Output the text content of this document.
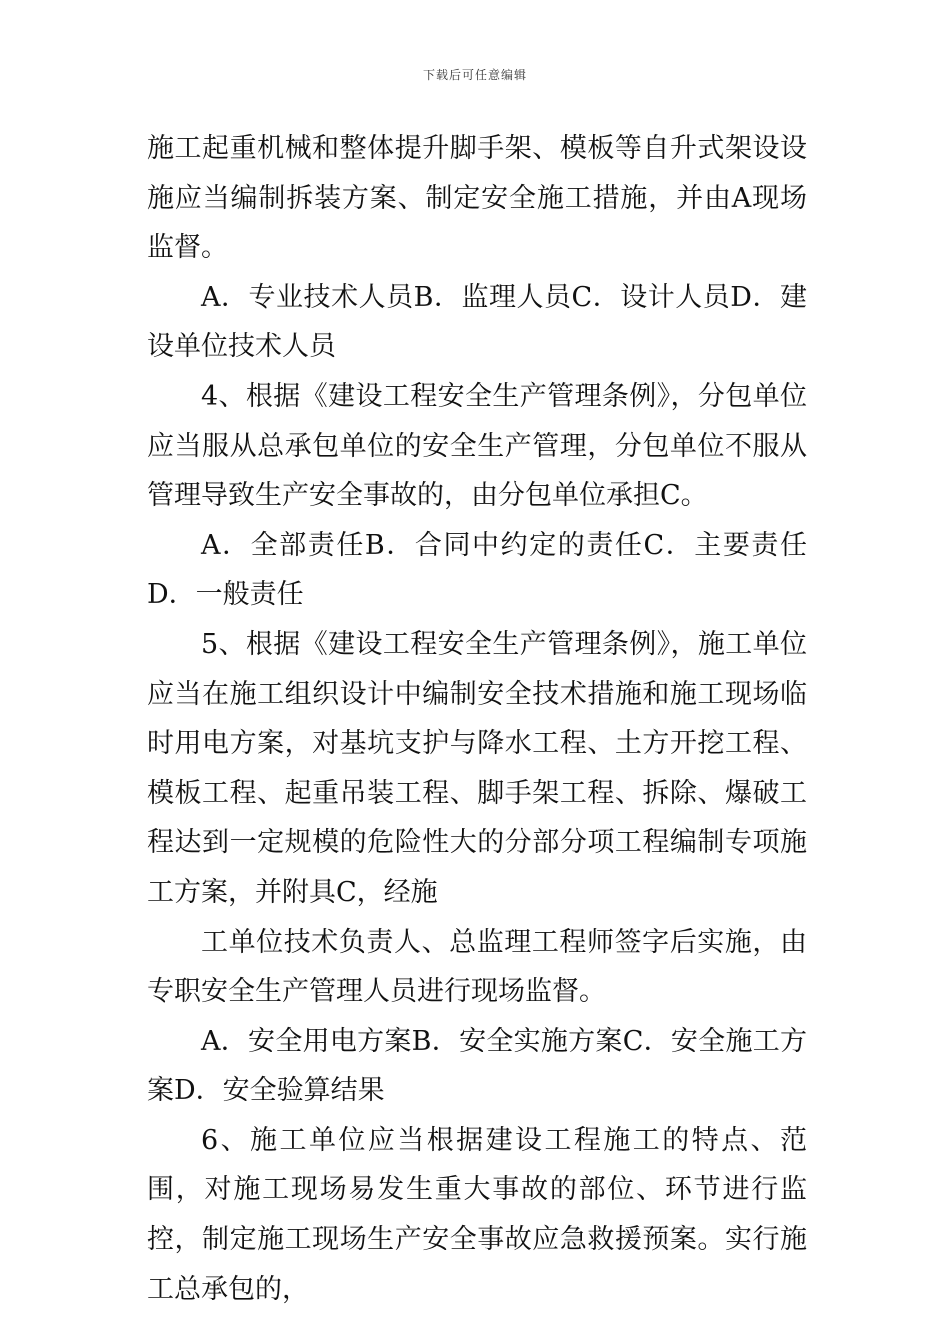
下载后可任意编辑

施工起重机械和整体提升脚手架、模板等自升式架设设施应当编制拆装方案、制定安全施工措施，并由A现场监督。

A．专业技术人员B．监理人员C．设计人员D．建设单位技术人员

4、根据《建设工程安全生产管理条例》，分包单位应当服从总承包单位的安全生产管理，分包单位不服从管理导致生产安全事故的，由分包单位承担C。

A．全部责任B．合同中约定的责任C．主要责任D．一般责任

5、根据《建设工程安全生产管理条例》，施工单位应当在施工组织设计中编制安全技术措施和施工现场临时用电方案，对基坑支护与降水工程、土方开挖工程、模板工程、起重吊装工程、脚手架工程、拆除、爆破工程达到一定规模的危险性大的分部分项工程编制专项施工方案，并附具C，经施

工单位技术负责人、总监理工程师签字后实施，由专职安全生产管理人员进行现场监督。

A．安全用电方案B．安全实施方案C．安全施工方案D．安全验算结果

6、施工单位应当根据建设工程施工的特点、范围，对施工现场易发生重大事故的部位、环节进行监控，制定施工现场生产安全事故应急救援预案。实行施工总承包的，
